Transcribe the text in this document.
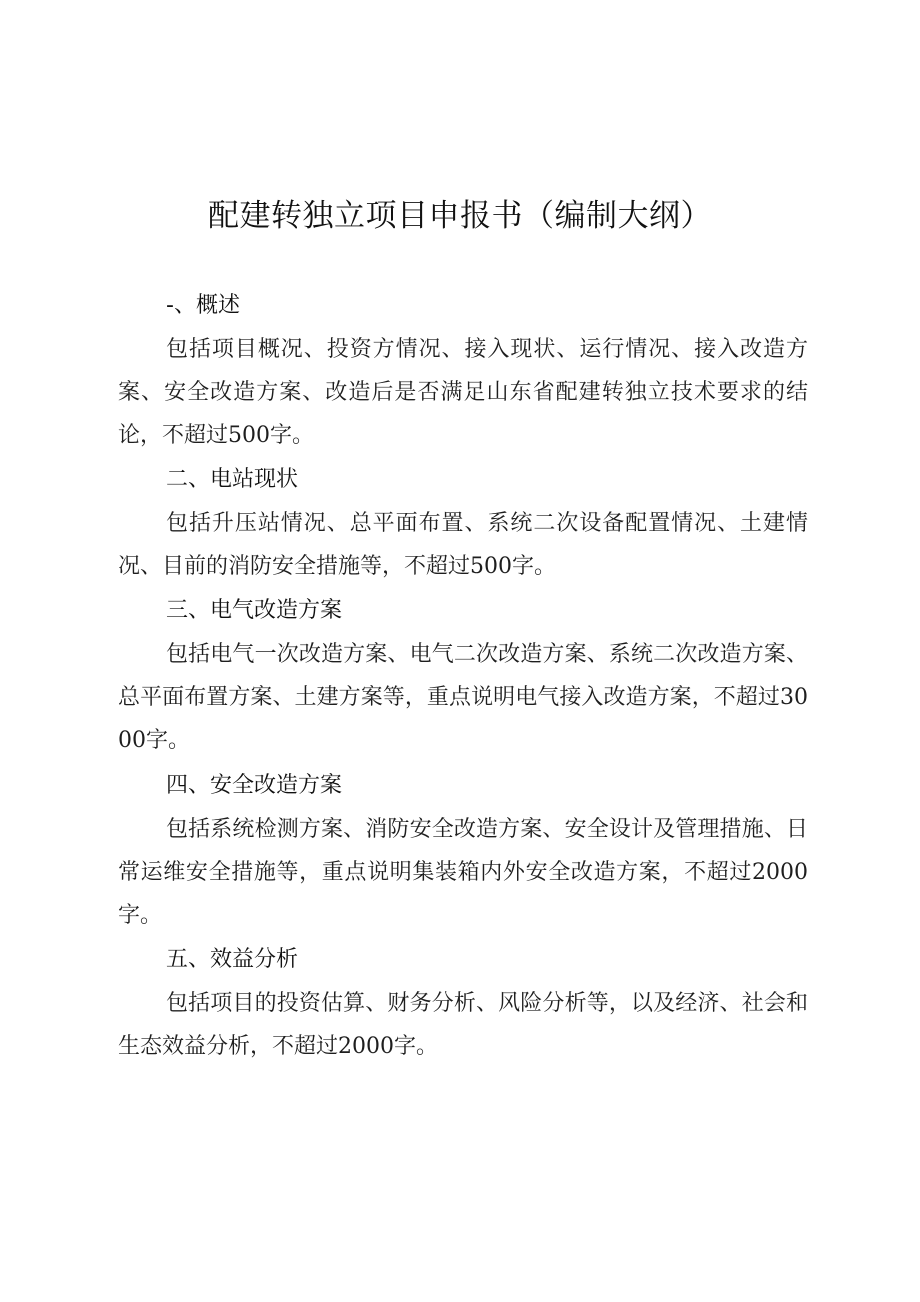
配建转独立项目申报书（编制大纲）
-、概述

包括项目概况、投资方情况、接入现状、运行情况、接入改造方案、安全改造方案、改造后是否满足山东省配建转独立技术要求的结论，不超过500字。

二、电站现状

包括升压站情况、总平面布置、系统二次设备配置情况、土建情况、目前的消防安全措施等，不超过500字。

三、电气改造方案

包括电气一次改造方案、电气二次改造方案、系统二次改造方案、总平面布置方案、土建方案等，重点说明电气接入改造方案，不超过3000字。

四、安全改造方案

包括系统检测方案、消防安全改造方案、安全设计及管理措施、日常运维安全措施等，重点说明集装箱内外安全改造方案，不超过2000字。

五、效益分析

包括项目的投资估算、财务分析、风险分析等，以及经济、社会和生态效益分析，不超过2000字。
